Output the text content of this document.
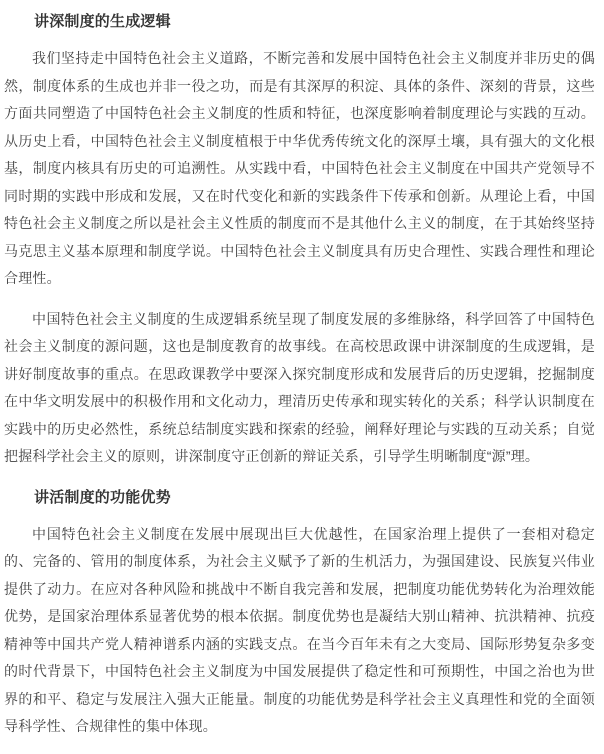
讲深制度的生成逻辑

我们坚持走中国特色社会主义道路，不断完善和发展中国特色社会主义制度并非历史的偶然，制度体系的生成也并非一役之功，而是有其深厚的积淀、具体的条件、深刻的背景，这些方面共同塑造了中国特色社会主义制度的性质和特征，也深度影响着制度理论与实践的互动。从历史上看，中国特色社会主义制度植根于中华优秀传统文化的深厚土壤，具有强大的文化根基，制度内核具有历史的可追溯性。从实践中看，中国特色社会主义制度在中国共产党领导不同时期的实践中形成和发展，又在时代变化和新的实践条件下传承和创新。从理论上看，中国特色社会主义制度之所以是社会主义性质的制度而不是其他什么主义的制度，在于其始终坚持马克思主义基本原理和制度学说。中国特色社会主义制度具有历史合理性、实践合理性和理论合理性。

中国特色社会主义制度的生成逻辑系统呈现了制度发展的多维脉络，科学回答了中国特色社会主义制度的源问题，这也是制度教育的故事线。在高校思政课中讲深制度的生成逻辑，是讲好制度故事的重点。在思政课教学中要深入探究制度形成和发展背后的历史逻辑，挖掘制度在中华文明发展中的积极作用和文化动力，理清历史传承和现实转化的关系；科学认识制度在实践中的历史必然性，系统总结制度实践和探索的经验，阐释好理论与实践的互动关系；自觉把握科学社会主义的原则，讲深制度守正创新的辩证关系，引导学生明晰制度“源”理。

讲活制度的功能优势

中国特色社会主义制度在发展中展现出巨大优越性，在国家治理上提供了一套相对稳定的、完备的、管用的制度体系，为社会主义赋予了新的生机活力，为强国建设、民族复兴伟业提供了动力。在应对各种风险和挑战中不断自我完善和发展，把制度功能优势转化为治理效能优势，是国家治理体系显著优势的根本依据。制度优势也是凝结大别山精神、抗洪精神、抗疫精神等中国共产党人精神谱系内涵的实践支点。在当今百年未有之大变局、国际形势复杂多变的时代背景下，中国特色社会主义制度为中国发展提供了稳定性和可预期性，中国之治也为世界的和平、稳定与发展注入强大正能量。制度的功能优势是科学社会主义真理性和党的全面领导科学性、合规律性的集中体现。
